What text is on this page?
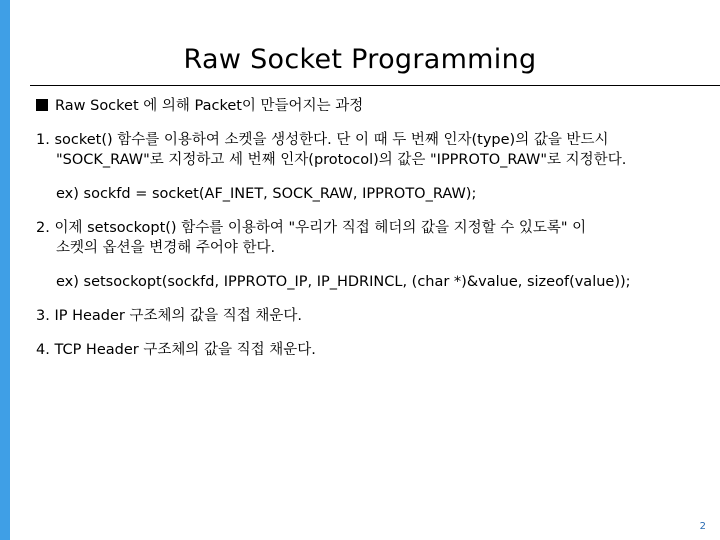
Raw Socket Programming
Raw Socket 에 의해 Packet이 만들어지는 과정
1. socket() 함수를 이용하여 소켓을 생성한다. 단 이 때 두 번째 인자(type)의 값을 반드시
"SOCK_RAW"로 지정하고 세 번째 인자(protocol)의 값은 "IPPROTO_RAW"로 지정한다.
ex) sockfd = socket(AF_INET, SOCK_RAW, IPPROTO_RAW);
2. 이제 setsockopt() 함수를 이용하여 "우리가 직접 헤더의 값을 지정할 수 있도록" 이
소켓의 옵션을 변경해 주어야 한다.
ex) setsockopt(sockfd, IPPROTO_IP, IP_HDRINCL, (char *)&value, sizeof(value));
3. IP Header 구조체의 값을 직접 채운다.
4. TCP Header 구조체의 값을 직접 채운다.
2
